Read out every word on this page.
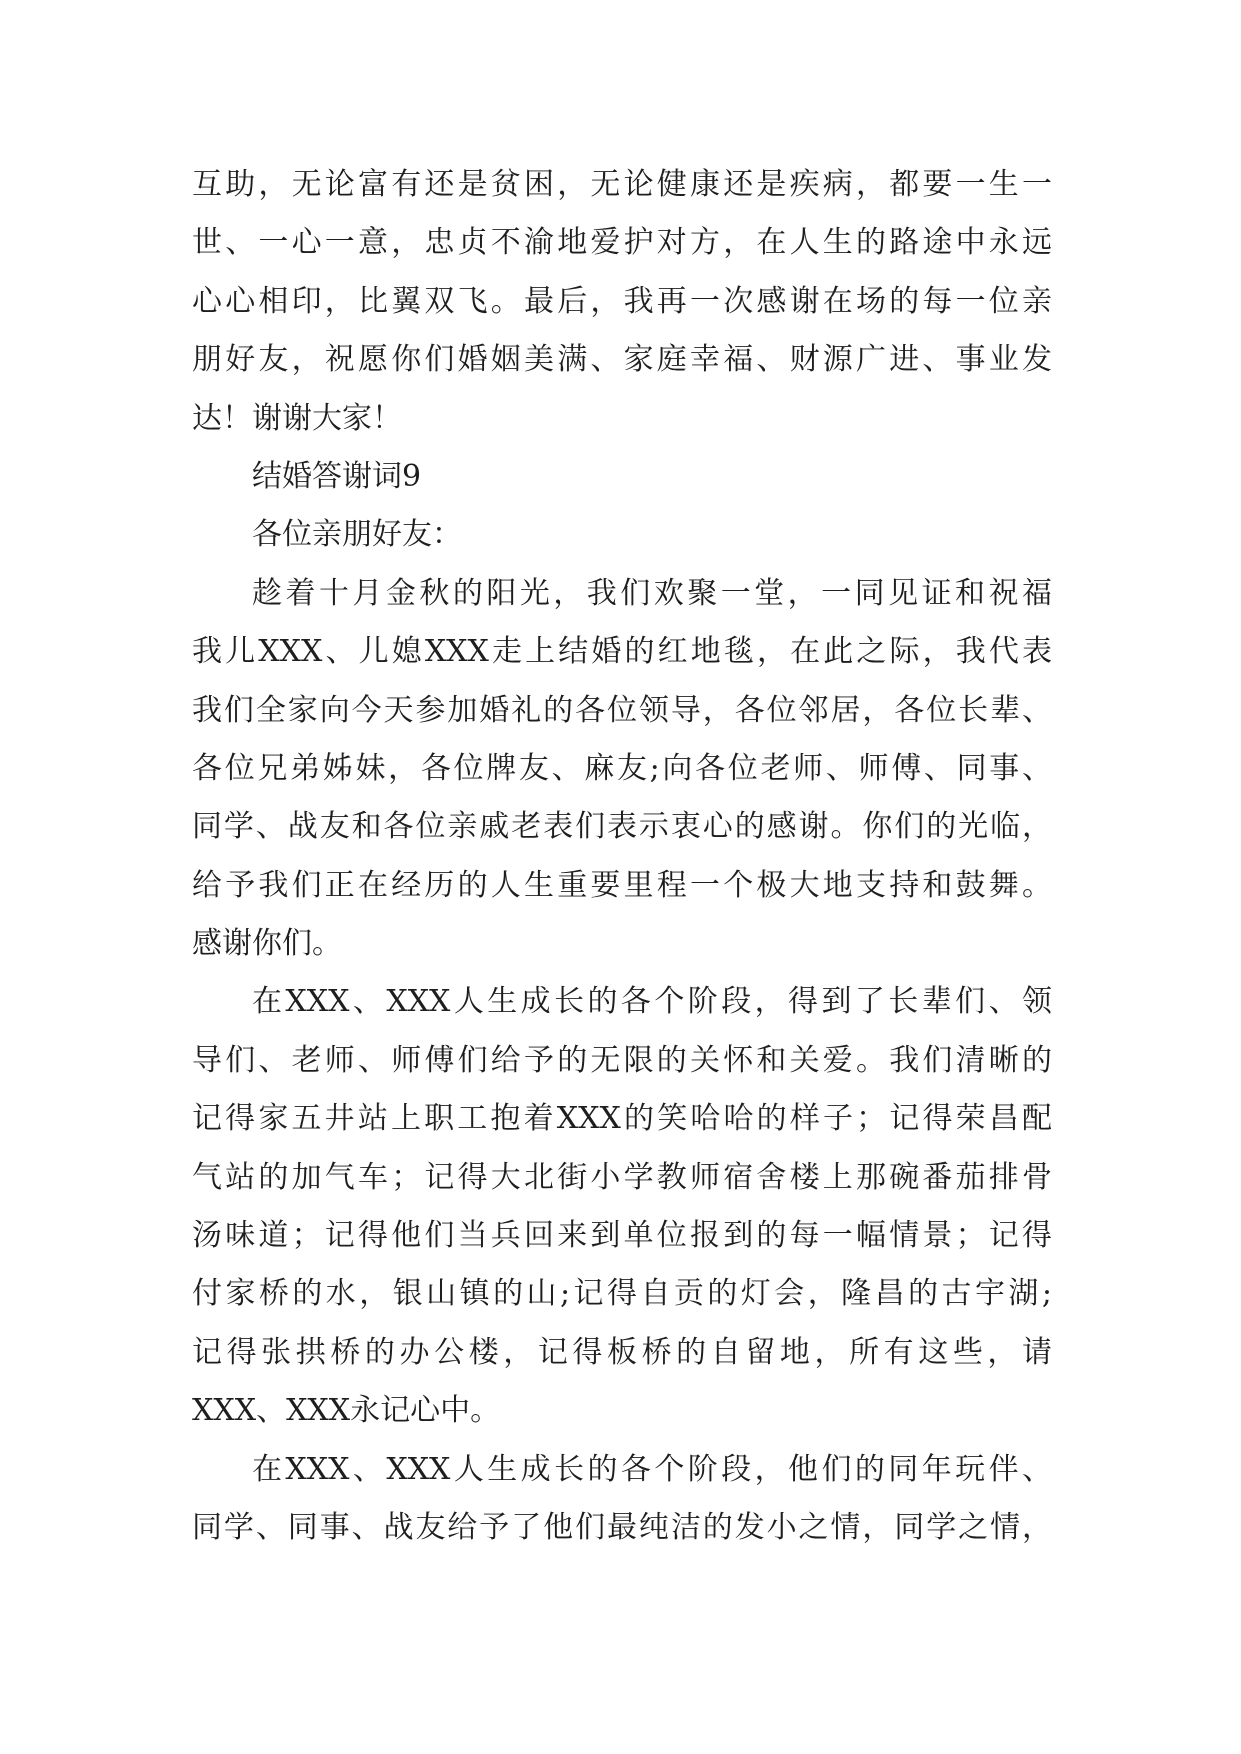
互助，无论富有还是贫困，无论健康还是疾病，都要一生一
世、一心一意，忠贞不渝地爱护对方，在人生的路途中永远
心心相印，比翼双飞。最后，我再一次感谢在场的每一位亲
朋好友，祝愿你们婚姻美满、家庭幸福、财源广进、事业发
达！谢谢大家！
结婚答谢词9
各位亲朋好友：
趁着十月金秋的阳光，我们欢聚一堂，一同见证和祝福
我儿XXX、儿媳XXX走上结婚的红地毯，在此之际，我代表
我们全家向今天参加婚礼的各位领导，各位邻居，各位长辈、
各位兄弟姊妹，各位牌友、麻友;向各位老师、师傅、同事、
同学、战友和各位亲戚老表们表示衷心的感谢。你们的光临，
给予我们正在经历的人生重要里程一个极大地支持和鼓舞。
感谢你们。
在XXX、XXX人生成长的各个阶段，得到了长辈们、领
导们、老师、师傅们给予的无限的关怀和关爱。我们清晰的
记得家五井站上职工抱着XXX的笑哈哈的样子；记得荣昌配
气站的加气车；记得大北街小学教师宿舍楼上那碗番茄排骨
汤味道；记得他们当兵回来到单位报到的每一幅情景；记得
付家桥的水，银山镇的山;记得自贡的灯会，隆昌的古宇湖;
记得张拱桥的办公楼，记得板桥的自留地，所有这些，请
XXX、XXX永记心中。
在XXX、XXX人生成长的各个阶段，他们的同年玩伴、
同学、同事、战友给予了他们最纯洁的发小之情，同学之情，
